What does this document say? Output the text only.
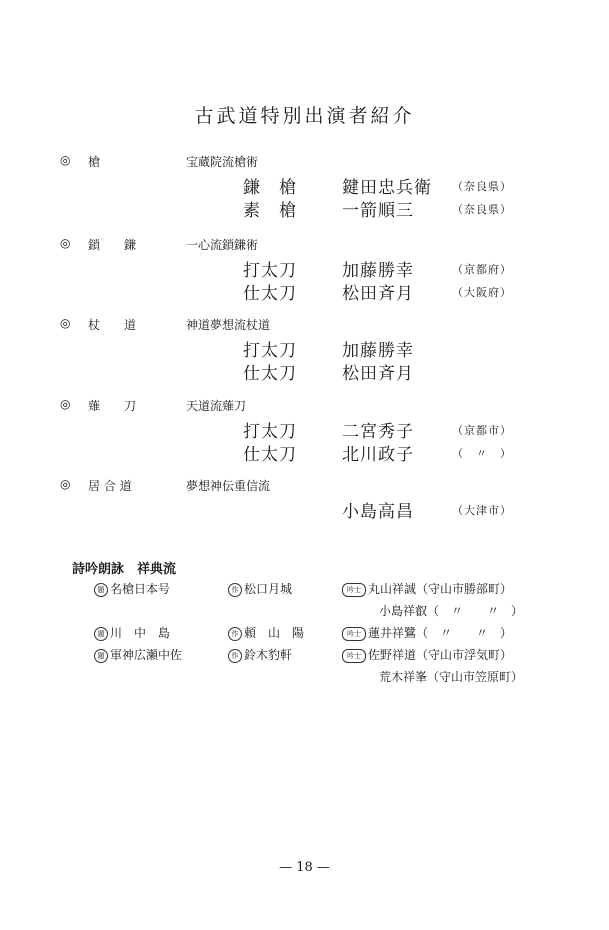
古武道特別出演者紹介
◎ 槍	宝蔵院流槍術
鎌　槍	鍵田忠兵衛 （奈良県）
素　槍	一箭順三	（奈良県）
◎ 鎖　　鎌	一心流鎖鎌術
打太刀	加藤勝幸	（京都府）
仕太刀	松田斉月	（大阪府）
◎ 杖　　道	神道夢想流杖道
打太刀	加藤勝幸
仕太刀	松田斉月
◎ 薙　　刀	天道流薙刀
打太刀	二宮秀子	（京都市）
仕太刀	北川政子	（　〃　）
◎ 居 合 道	夢想神伝重信流
小島高昌	（大津市）
詩吟朗詠　祥典流
題 名槍日本号	作 松口月城	吟士 丸山祥誠（守山市勝部町）
小島祥叡（　〃　　〃　）
題 川　中　島	作 頼　山　陽	吟士 蓮井祥鷺（　〃　　〃　）
題 軍神広瀬中佐	作 鈴木豹軒	吟士 佐野祥道（守山市浮気町）
荒木祥峯（守山市笠原町）
— 18 —
